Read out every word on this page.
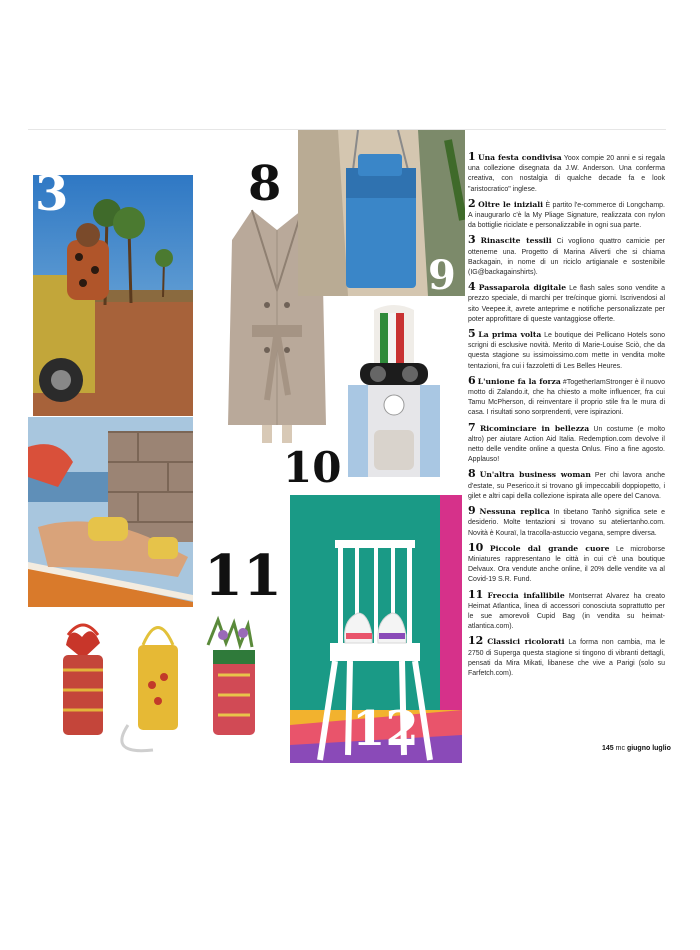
3	8
9
10
11
12

1 Una festa condivisa Yoox compie 20 anni e si regala una collezione disegnata da J.W. Anderson. Una conferma creativa, con nostalgia di qualche decade fa e look "aristocratico" inglese.

2 Oltre le iniziali È partito l'e-commerce di Longchamp. A inaugurarlo c'è la My Pliage Signature, realizzata con nylon da bottiglie riciclate e personalizzabile in ogni sua parte.

3 Rinascite tessili Ci vogliono quattro camicie per ottenerne una. Progetto di Marina Aliverti che si chiama Backagain, in nome di un riciclo artigianale e sostenibile (IG@backagainshirts).

4 Passaparola digitale Le flash sales sono vendite a prezzo speciale, di marchi per tre/cinque giorni. Iscrivendosi al sito Veepee.it, avrete anteprime e notifiche personalizzate per poter approfittare di queste vantaggiose offerte.

5 La prima volta Le boutique dei Pellicano Hotels sono scrigni di esclusive novità. Merito di Marie-Louise Sciò, che da questa stagione su issimoissimo.com mette in vendita molte tentazioni, fra cui i fazzoletti di Les Belles Heures.

6 L'unione fa la forza #TogetherIamStronger è il nuovo motto di Zalando.it, che ha chiesto a molte influencer, fra cui Tamu McPherson, di reinventare il proprio stile fra le mura di casa. I risultati sono sorprendenti, vere ispirazioni.

7 Ricominciare in bellezza Un costume (e molto altro) per aiutare Action Aid Italia. Redemption.com devolve il netto delle vendite online a questa Onlus. Fino a fine agosto. Applauso!

8 Un'altra business woman Per chi lavora anche d'estate, su Peserico.it si trovano gli impeccabili doppiopetto, i gilet e altri capi della collezione ispirata alle opere del Canova.

9 Nessuna replica In tibetano Tanhō significa sete e desiderio. Molte tentazioni si trovano su ateliertanho.com. Novità è Kouraï, la tracolla-astuccio vegana, sempre diversa.

10 Piccole dal grande cuore Le microborse Miniatures rappresentano le città in cui c'è una boutique Delvaux. Ora vendute anche online, il 20% delle vendite va al Covid-19 S.R. Fund.

11 Freccia infallibile Montserrat Alvarez ha creato Heimat Atlantica, linea di accessori conosciuta soprattutto per le sue amorevoli Cupid Bag (in vendita su heimat-atlantica.com).

12 Classici ricolorati La forma non cambia, ma le 2750 di Superga questa stagione si tingono di vibranti dettagli, pensati da Mira Mikati, libanese che vive a Parigi (solo su Farfetch.com).

145 mc giugno luglio
